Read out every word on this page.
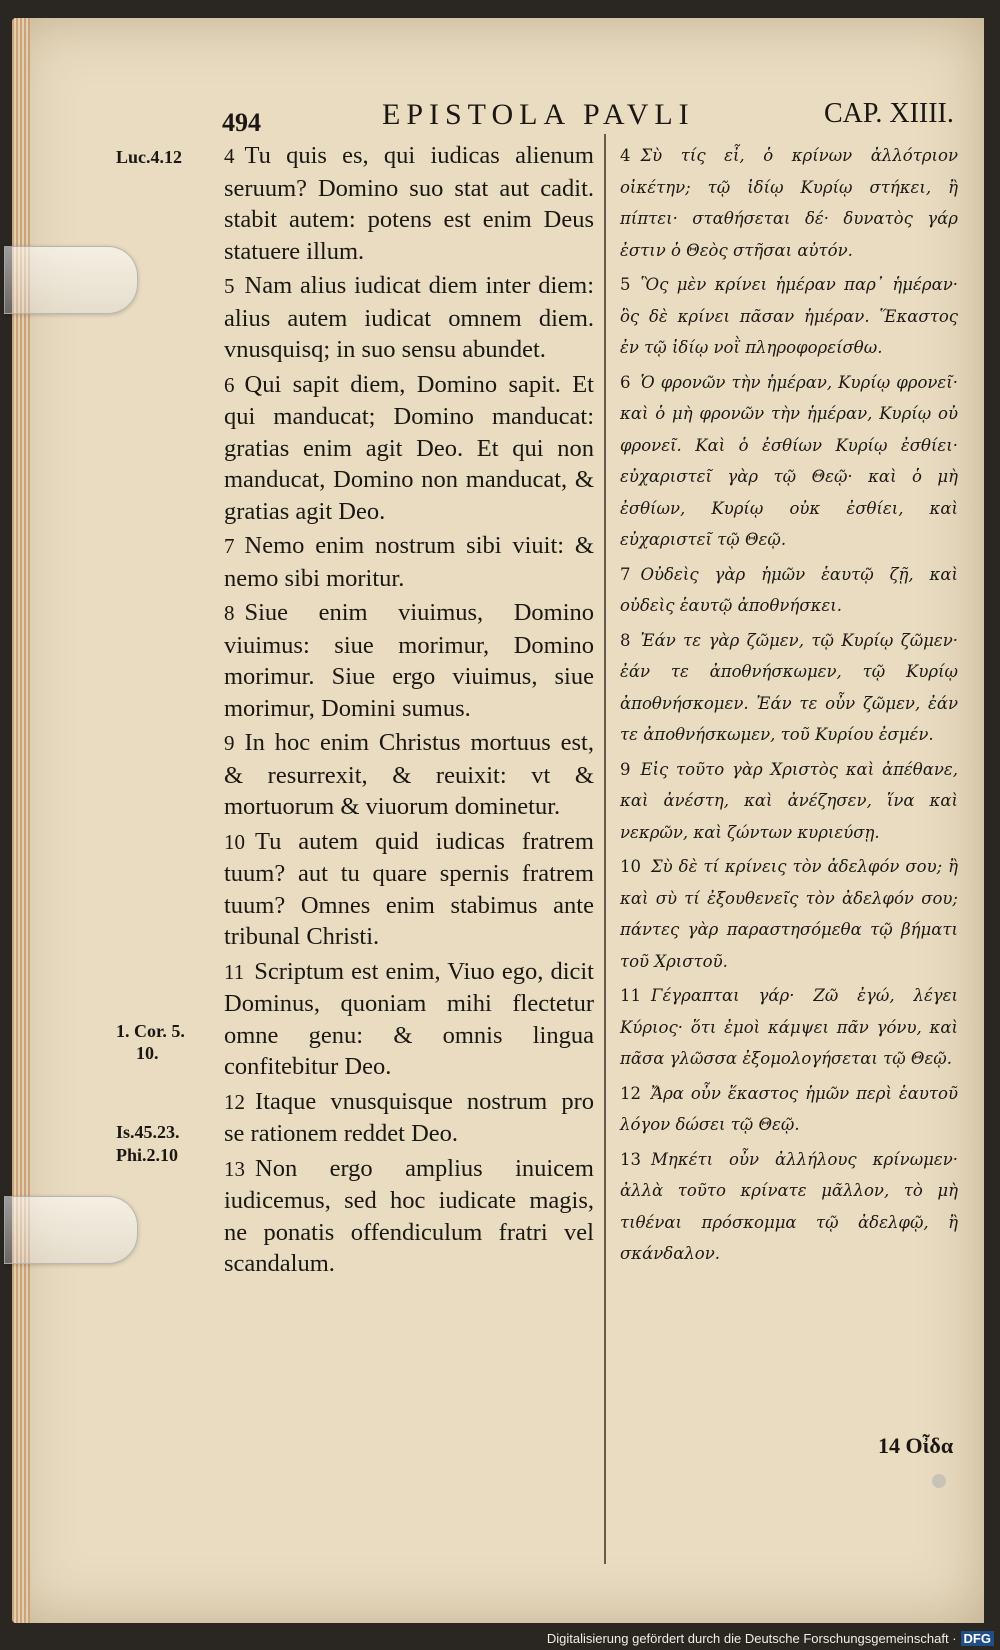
494	EPISTOLA PAVLI	CAP. XIIII.
Luc.4.12
1. Cor. 5.
10.
Is.45.23.
Phi.2.10
4 Tu quis es, qui iudicas alienum seruum? Domino suo stat aut cadit. stabit autem: potens est enim Deus statuere illum.
5 Nam alius iudicat diem inter diem: alius autem iudicat omnem diem. vnusquisq; in suo sensu abundet.
6 Qui sapit diem, Domino sapit. Et qui manducat; Domino manducat: gratias enim agit Deo. Et qui non manducat, Domino non manducat, & gratias agit Deo.
7 Nemo enim nostrum sibi viuit: & nemo sibi moritur.
8 Siue enim viuimus, Domino viuimus: siue morimur, Domino morimur. Siue ergo viuimus, siue morimur, Domini sumus.
9 In hoc enim Christus mortuus est, & resurrexit, & reuixit: vt & mortuorum & viuorum dominetur.
10 Tu autem quid iudicas fratrem tuum? aut tu quare spernis fratrem tuum? Omnes enim stabimus ante tribunal Christi.
11 Scriptum est enim, Viuo ego, dicit Dominus, quoniam mihi flectetur omne genu: & omnis lingua confitebitur Deo.
12 Itaque vnusquisque nostrum pro se rationem reddet Deo.
13 Non ergo amplius inuicem iudicemus, sed hoc iudicate magis, ne ponatis offendiculum fratri vel scandalum.
4 Σὺ τίς εἶ, ὁ κρίνων ἀλλότριον οἰκέτην; τῷ ἰδίῳ Κυρίῳ στήκει, ἢ πίπτει· σταθήσεται δέ· δυνατὸς γάρ ἐστιν ὁ Θεὸς στῆσαι αὐτόν.
5 Ὃς μὲν κρίνει ἡμέραν παρ᾽ ἡμέραν· ὃς δὲ κρίνει πᾶσαν ἡμέραν. Ἕκαστος ἐν τῷ ἰδίῳ νοῒ πληροφορείσθω.
6 Ὁ φρονῶν τὴν ἡμέραν, Κυρίῳ φρονεῖ· καὶ ὁ μὴ φρονῶν τὴν ἡμέραν, Κυρίῳ οὐ φρονεῖ. Καὶ ὁ ἐσθίων Κυρίῳ ἐσθίει· εὐχαριστεῖ γὰρ τῷ Θεῷ· καὶ ὁ μὴ ἐσθίων, Κυρίῳ οὐκ ἐσθίει, καὶ εὐχαριστεῖ τῷ Θεῷ.
7 Οὐδεὶς γὰρ ἡμῶν ἑαυτῷ ζῇ, καὶ οὐδεὶς ἑαυτῷ ἀποθνήσκει.
8 Ἐάν τε γὰρ ζῶμεν, τῷ Κυρίῳ ζῶμεν· ἐάν τε ἀποθνήσκωμεν, τῷ Κυρίῳ ἀποθνήσκομεν. Ἐάν τε οὖν ζῶμεν, ἐάν τε ἀποθνήσκωμεν, τοῦ Κυρίου ἐσμέν.
9 Εἰς τοῦτο γὰρ Χριστὸς καὶ ἀπέθανε, καὶ ἀνέστη, καὶ ἀνέζησεν, ἵνα καὶ νεκρῶν, καὶ ζώντων κυριεύσῃ.
10 Σὺ δὲ τί κρίνεις τὸν ἀδελφόν σου; ἢ καὶ σὺ τί ἐξουθενεῖς τὸν ἀδελφόν σου; πάντες γὰρ παραστησόμεθα τῷ βήματι τοῦ Χριστοῦ.
11 Γέγραπται γάρ· Ζῶ ἐγώ, λέγει Κύριος· ὅτι ἐμοὶ κάμψει πᾶν γόνυ, καὶ πᾶσα γλῶσσα ἐξομολογήσεται τῷ Θεῷ.
12 Ἄρα οὖν ἕκαστος ἡμῶν περὶ ἑαυτοῦ λόγον δώσει τῷ Θεῷ.
13 Μηκέτι οὖν ἀλλήλους κρίνωμεν· ἀλλὰ τοῦτο κρίνατε μᾶλλον, τὸ μὴ τιθέναι πρόσκομμα τῷ ἀδελφῷ, ἢ σκάνδαλον.
14 Οἶδα
Digitalisierung gefördert durch die Deutsche Forschungsgemeinschaft · DFG
